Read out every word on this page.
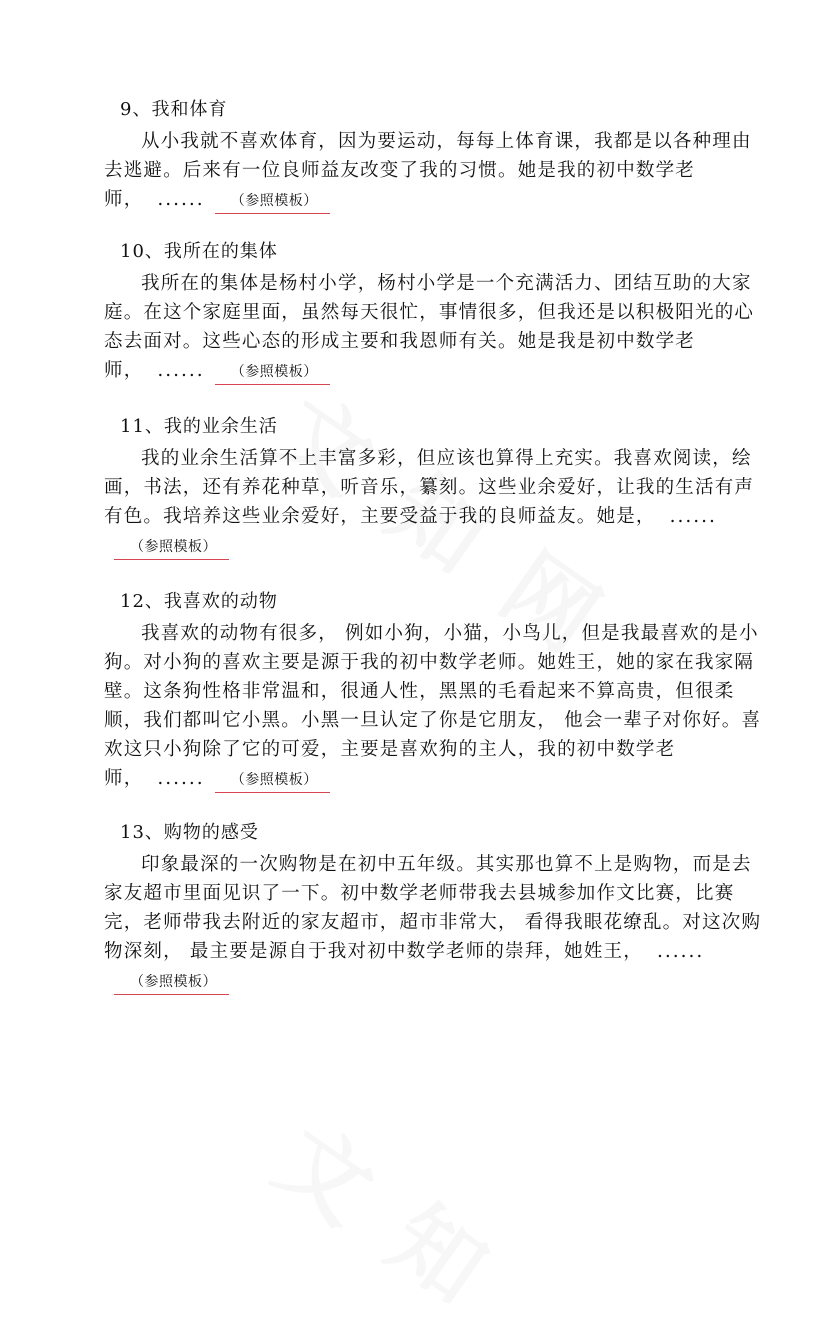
9、我和体育
从小我就不喜欢体育，因为要运动，每每上体育课，我都是以各种理由去逃避。后来有一位良师益友改变了我的习惯。她是我的初中数学老师， ...... （参照模板）
10、我所在的集体
我所在的集体是杨村小学，杨村小学是一个充满活力、团结互助的大家庭。在这个家庭里面，虽然每天很忙，事情很多，但我还是以积极阳光的心态去面对。这些心态的形成主要和我恩师有关。她是我是初中数学老师， ...... （参照模板）
11、我的业余生活
我的业余生活算不上丰富多彩，但应该也算得上充实。我喜欢阅读，绘画，书法，还有养花种草，听音乐，纂刻。这些业余爱好，让我的生活有声有色。我培养这些业余爱好，主要受益于我的良师益友。她是， ......（参照模板）
12、我喜欢的动物
我喜欢的动物有很多， 例如小狗，小猫，小鸟儿，但是我最喜欢的是小狗。对小狗的喜欢主要是源于我的初中数学老师。她姓王，她的家在我家隔壁。这条狗性格非常温和，很通人性，黑黑的毛看起来不算高贵，但很柔顺，我们都叫它小黑。小黑一旦认定了你是它朋友， 他会一辈子对你好。喜欢这只小狗除了它的可爱，主要是喜欢狗的主人，我的初中数学老师， ...... （参照模板）
13、购物的感受
印象最深的一次购物是在初中五年级。其实那也算不上是购物，而是去家友超市里面见识了一下。初中数学老师带我去县城参加作文比赛，比赛完，老师带我去附近的家友超市，超市非常大， 看得我眼花缭乱。对这次购物深刻， 最主要是源自于我对初中数学老师的崇拜，她姓王， ......（参照模板）
